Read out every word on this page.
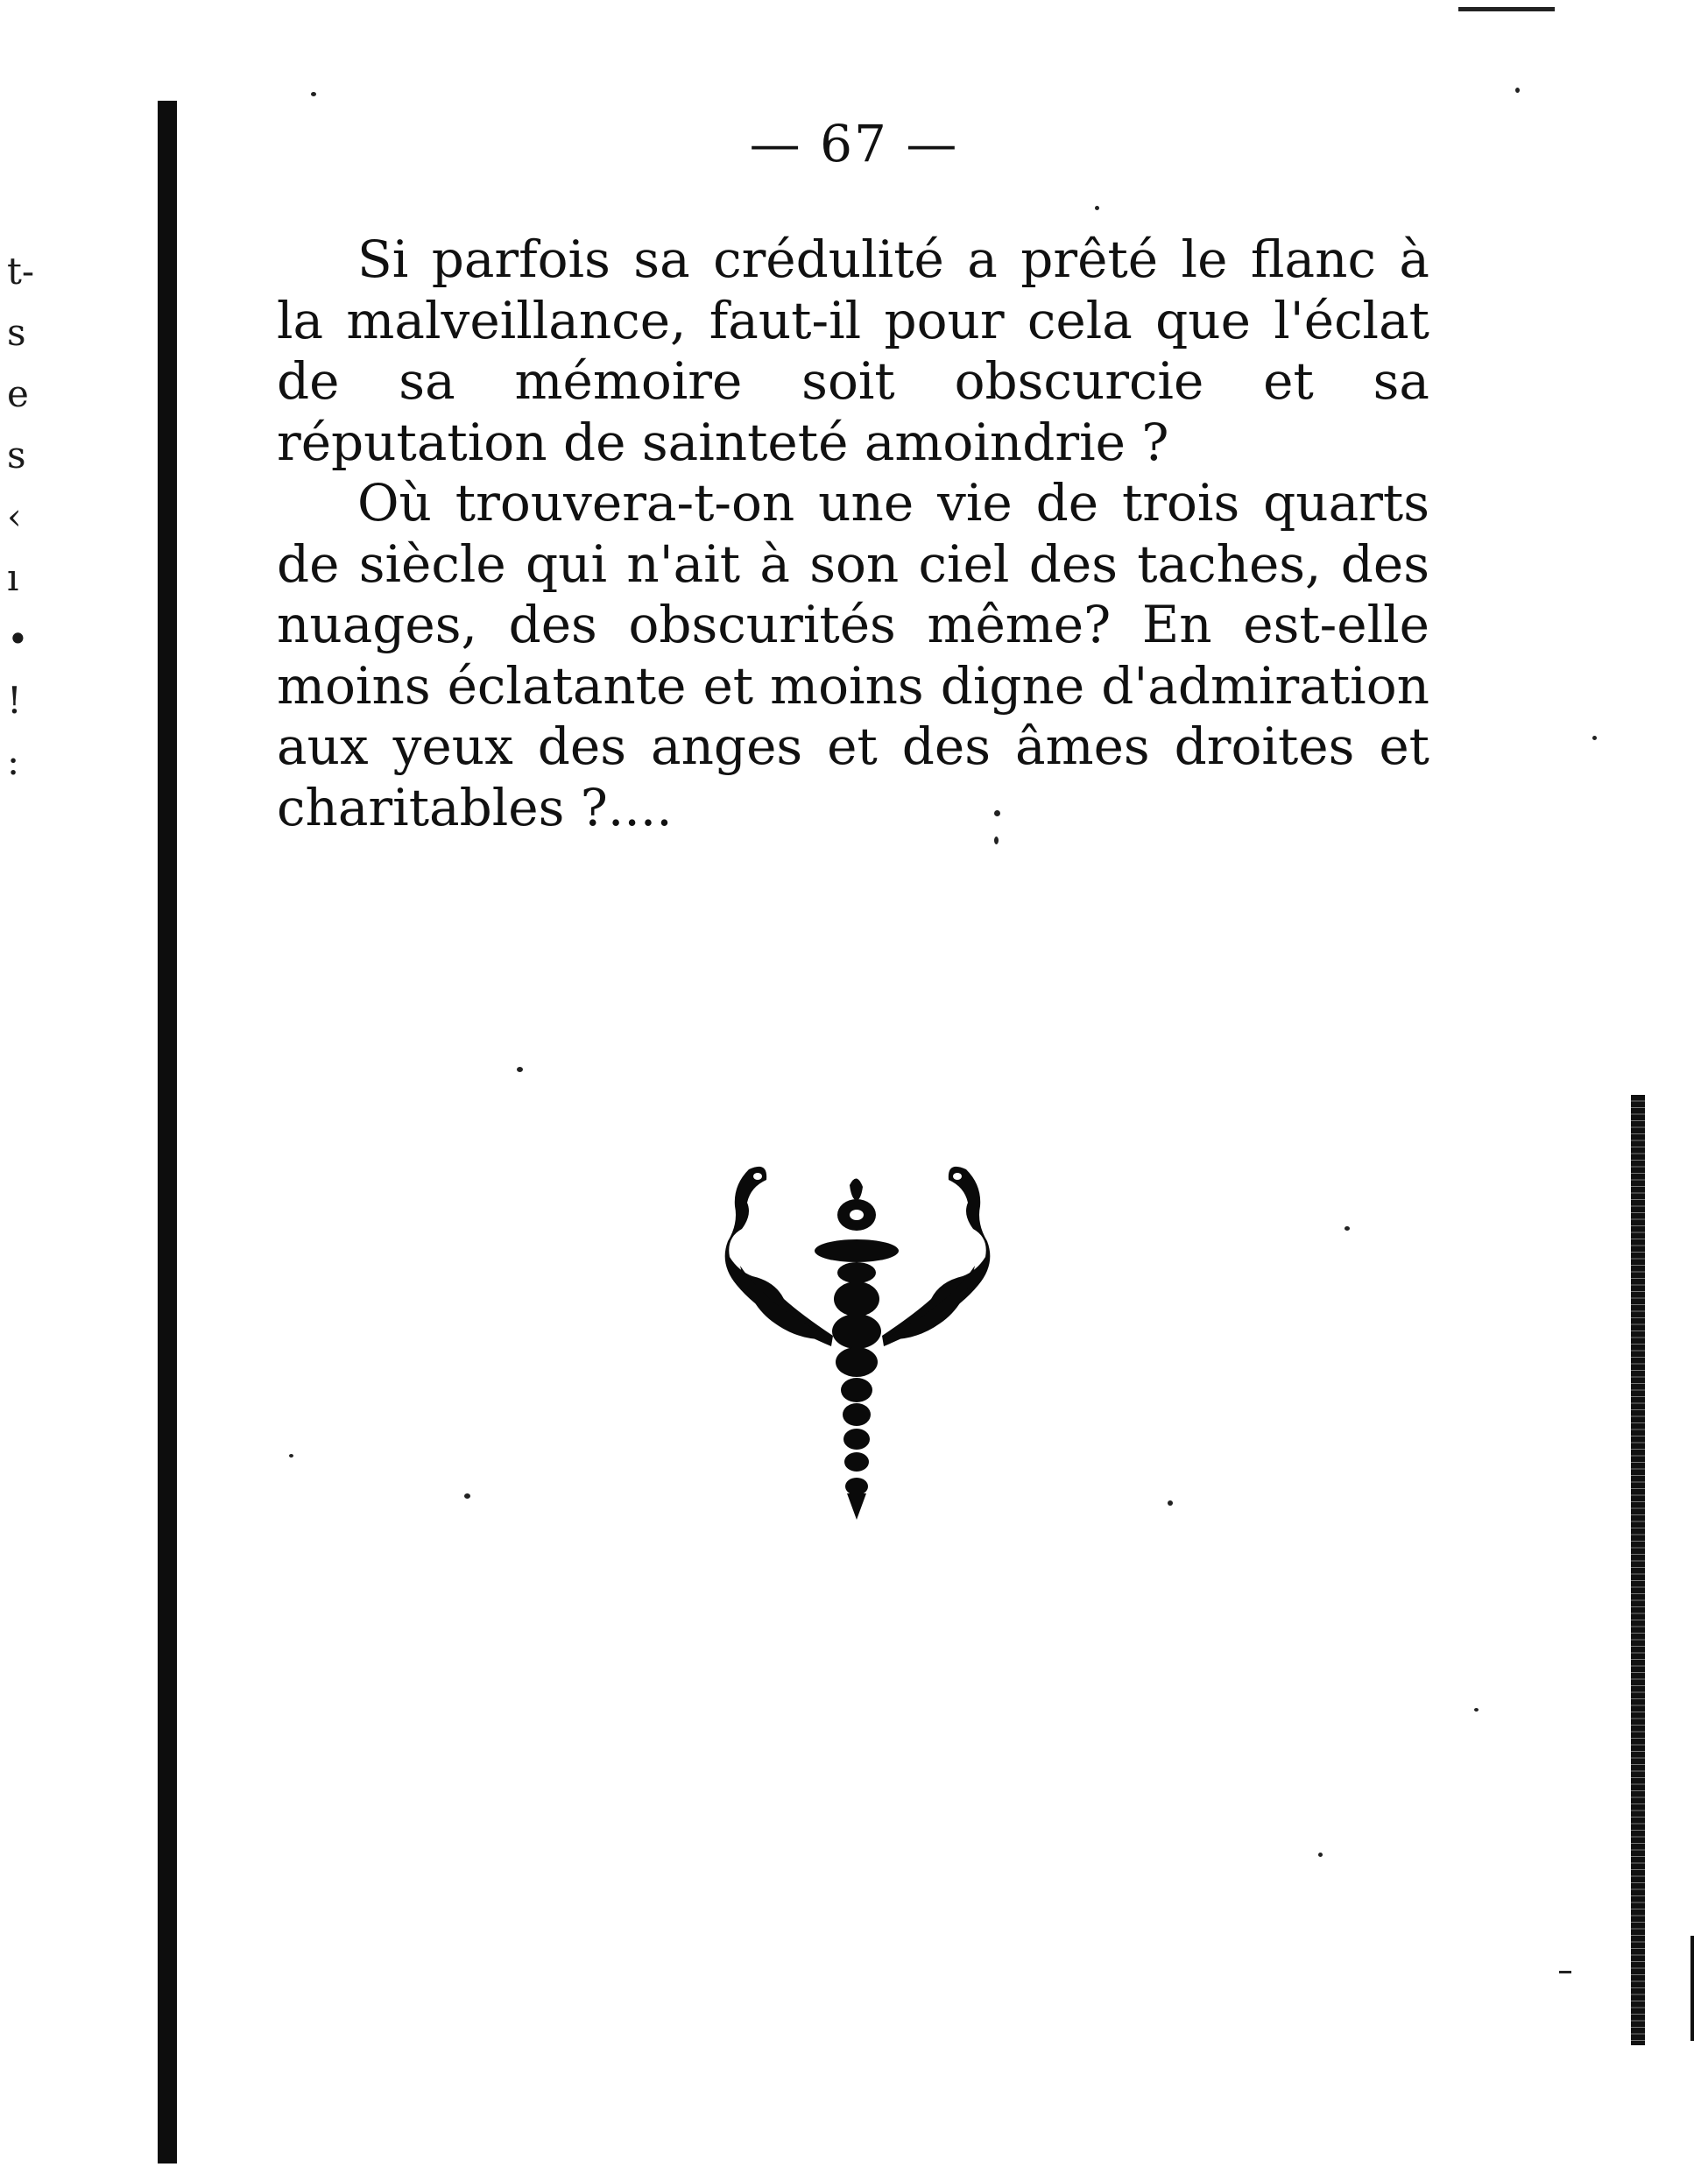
t-
s
e
s
‹
ı
•
!
:
— 67 —

Si parfois sa crédulité a prêté le flanc à la malveillance, faut-il pour cela que l'éclat de sa mémoire soit obscurcie et sa réputation de sainteté amoindrie ?

Où trouvera-t-on une vie de trois quarts de siècle qui n'ait à son ciel des taches, des nuages, des obscurités même? En est-elle moins éclatante et moins digne d'admiration aux yeux des anges et des âmes droites et charitables ?....
